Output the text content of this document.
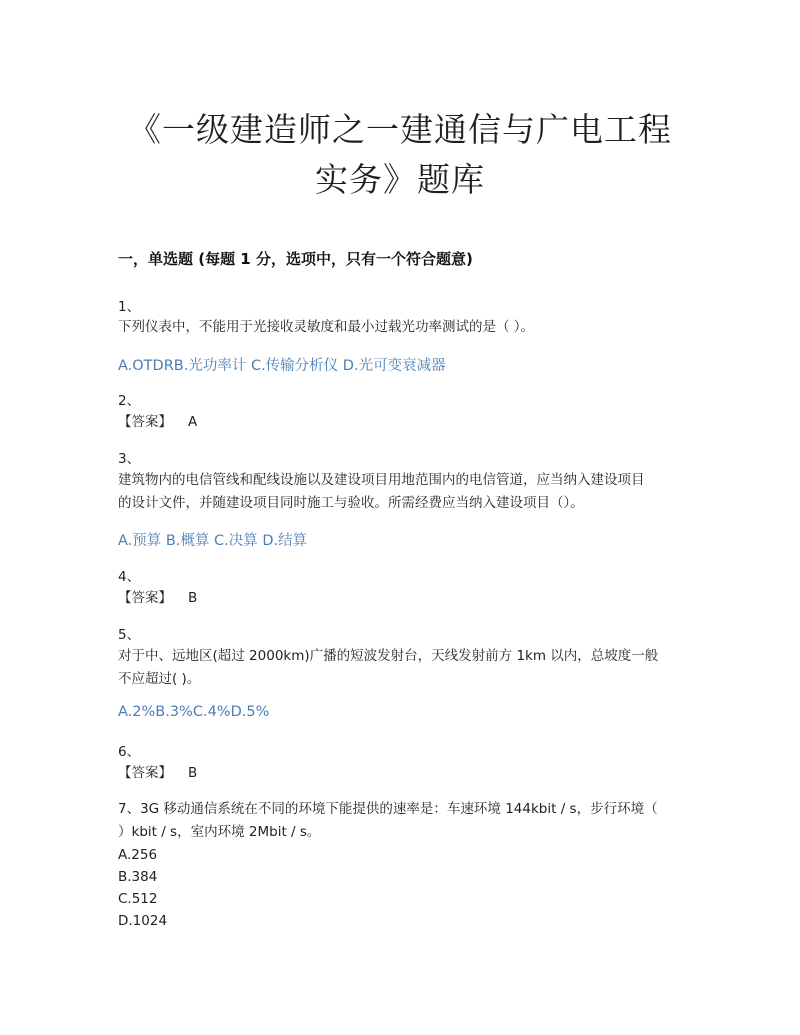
《一级建造师之一建通信与广电工程
实务》题库
一，单选题 (每题 1 分，选项中，只有一个符合题意)
1、
下列仪表中，不能用于光接收灵敏度和最小过载光功率测试的是（ ）。
A.OTDRB.光功率计 C.传输分析仪 D.光可变衰减器
2、
【答案】 A
3、
建筑物内的电信管线和配线设施以及建设项目用地范围内的电信管道，应当纳入建设项目
的设计文件，并随建设项目同时施工与验收。所需经费应当纳入建设项目（）。
A.预算 B.概算 C.决算 D.结算
4、
【答案】 B
5、
对于中、远地区(超过 2000km)广播的短波发射台，天线发射前方 1km 以内，总坡度一般
不应超过( )。
A.2%B.3%C.4%D.5%
6、
【答案】 B
7、3G 移动通信系统在不同的环境下能提供的速率是：车速环境 144kbit / s，步行环境（
）kbit / s，室内环境 2Mbit / s。
A.256
B.384
C.512
D.1024
